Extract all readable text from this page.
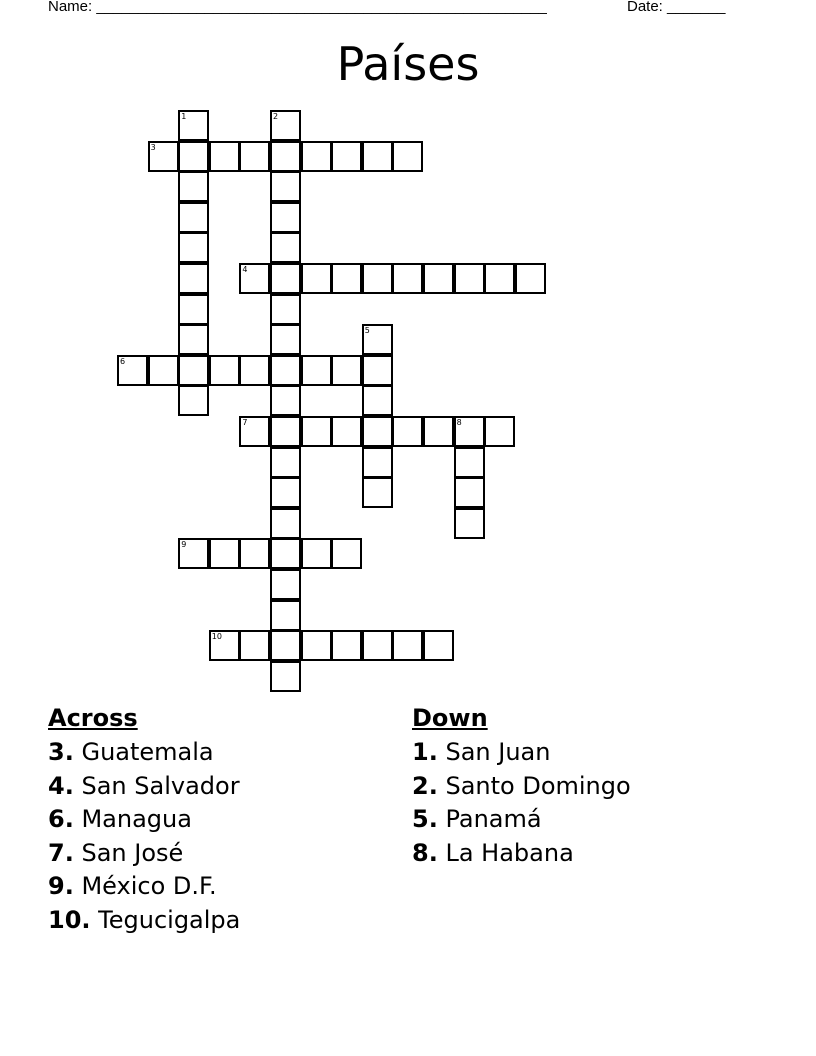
Name: ______________________________________________________	Date: _______
Países
1	2
3
4
5
6
7	8
9
10
Across
3. Guatemala
4. San Salvador
6. Managua
7. San José
9. México D.F.
10. Tegucigalpa
Down
1. San Juan
2. Santo Domingo
5. Panamá
8. La Habana
